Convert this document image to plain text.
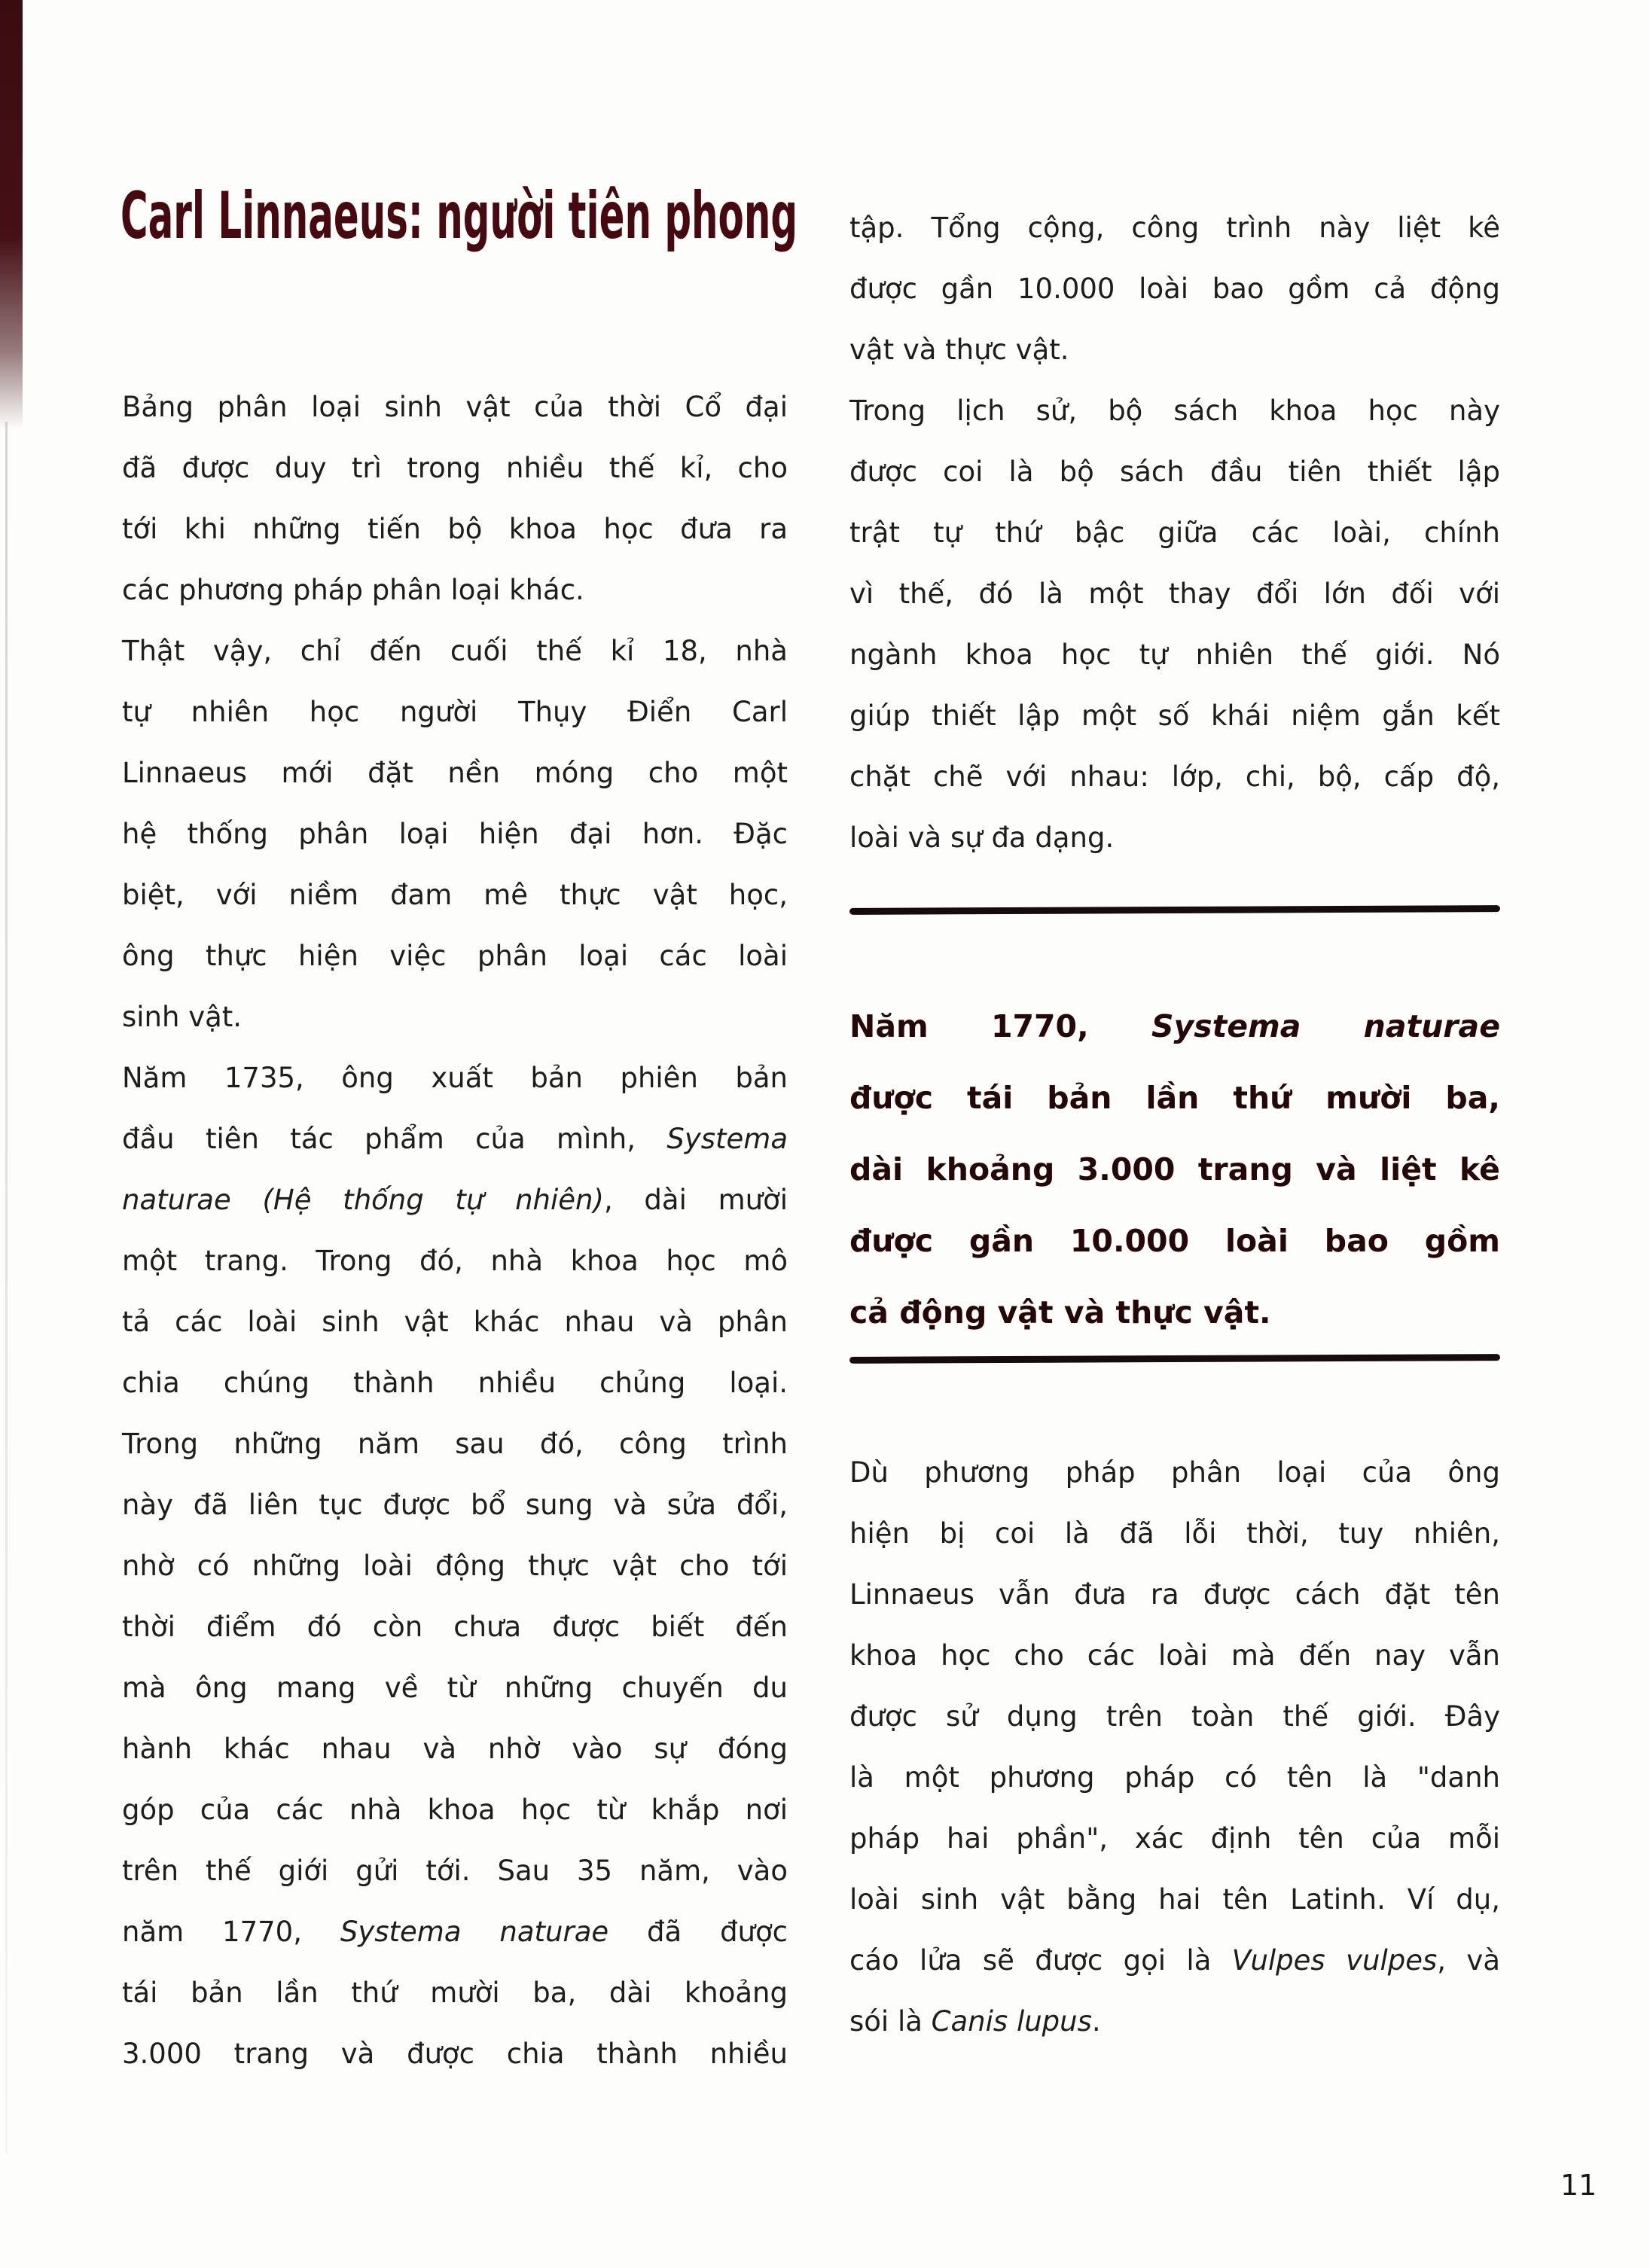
Carl Linnaeus: người tiên phong
Bảng phân loại sinh vật của thời Cổ đại
đã được duy trì trong nhiều thế kỉ, cho
tới khi những tiến bộ khoa học đưa ra
các phương pháp phân loại khác.
Thật vậy, chỉ đến cuối thế kỉ 18, nhà
tự nhiên học người Thụy Điển Carl
Linnaeus mới đặt nền móng cho một
hệ thống phân loại hiện đại hơn. Đặc
biệt, với niềm đam mê thực vật học,
ông thực hiện việc phân loại các loài
sinh vật.
Năm 1735, ông xuất bản phiên bản
đầu tiên tác phẩm của mình, Systema
naturae (Hệ thống tự nhiên), dài mười
một trang. Trong đó, nhà khoa học mô
tả các loài sinh vật khác nhau và phân
chia chúng thành nhiều chủng loại.
Trong những năm sau đó, công trình
này đã liên tục được bổ sung và sửa đổi,
nhờ có những loài động thực vật cho tới
thời điểm đó còn chưa được biết đến
mà ông mang về từ những chuyến du
hành khác nhau và nhờ vào sự đóng
góp của các nhà khoa học từ khắp nơi
trên thế giới gửi tới. Sau 35 năm, vào
năm 1770, Systema naturae đã được
tái bản lần thứ mười ba, dài khoảng
3.000 trang và được chia thành nhiều
tập. Tổng cộng, công trình này liệt kê
được gần 10.000 loài bao gồm cả động
vật và thực vật.
Trong lịch sử, bộ sách khoa học này
được coi là bộ sách đầu tiên thiết lập
trật tự thứ bậc giữa các loài, chính
vì thế, đó là một thay đổi lớn đối với
ngành khoa học tự nhiên thế giới. Nó
giúp thiết lập một số khái niệm gắn kết
chặt chẽ với nhau: lớp, chi, bộ, cấp độ,
loài và sự đa dạng.
Năm 1770, Systema naturae
được tái bản lần thứ mười ba,
dài khoảng 3.000 trang và liệt kê
được gần 10.000 loài bao gồm
cả động vật và thực vật.
Dù phương pháp phân loại của ông
hiện bị coi là đã lỗi thời, tuy nhiên,
Linnaeus vẫn đưa ra được cách đặt tên
khoa học cho các loài mà đến nay vẫn
được sử dụng trên toàn thế giới. Đây
là một phương pháp có tên là "danh
pháp hai phần", xác định tên của mỗi
loài sinh vật bằng hai tên Latinh. Ví dụ,
cáo lửa sẽ được gọi là Vulpes vulpes, và
sói là Canis lupus.
11
